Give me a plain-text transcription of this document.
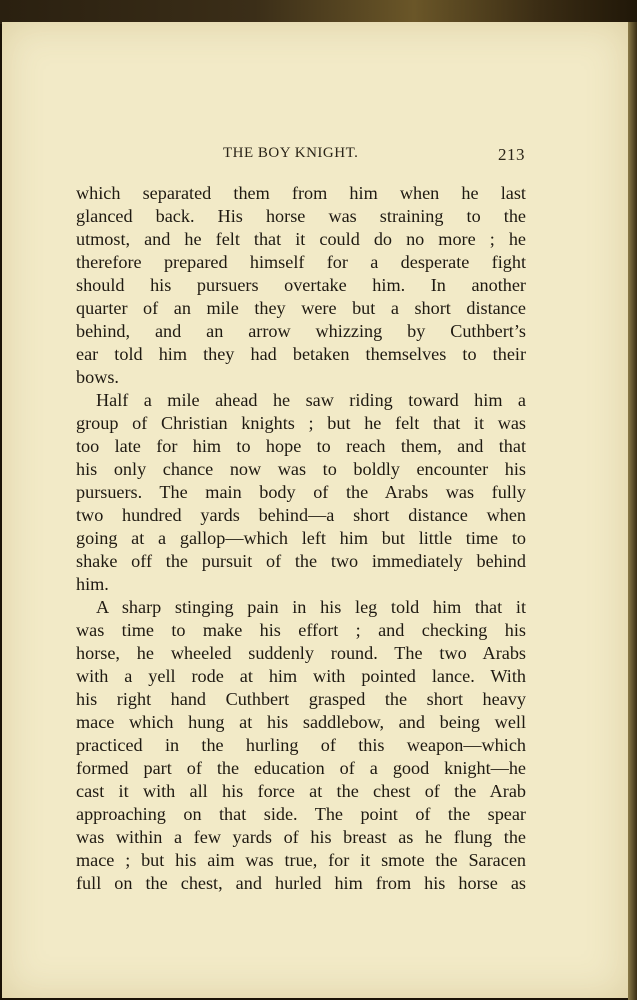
THE BOY KNIGHT.	213
which separated them from him when he last
glanced back. His horse was straining to the
utmost, and he felt that it could do no more ; he
therefore prepared himself for a desperate fight
should his pursuers overtake him. In another
quarter of an mile they were but a short distance
behind, and an arrow whizzing by Cuthbert’s
ear told him they had betaken themselves to their
bows.
Half a mile ahead he saw riding toward him a
group of Christian knights ; but he felt that it was
too late for him to hope to reach them, and that
his only chance now was to boldly encounter his
pursuers. The main body of the Arabs was fully
two hundred yards behind—a short distance when
going at a gallop—which left him but little time to
shake off the pursuit of the two immediately behind
him.
A sharp stinging pain in his leg told him that it
was time to make his effort ; and checking his
horse, he wheeled suddenly round. The two Arabs
with a yell rode at him with pointed lance. With
his right hand Cuthbert grasped the short heavy
mace which hung at his saddlebow, and being well
practiced in the hurling of this weapon—which
formed part of the education of a good knight—he
cast it with all his force at the chest of the Arab
approaching on that side. The point of the spear
was within a few yards of his breast as he flung the
mace ; but his aim was true, for it smote the Saracen
full on the chest, and hurled him from his horse as
